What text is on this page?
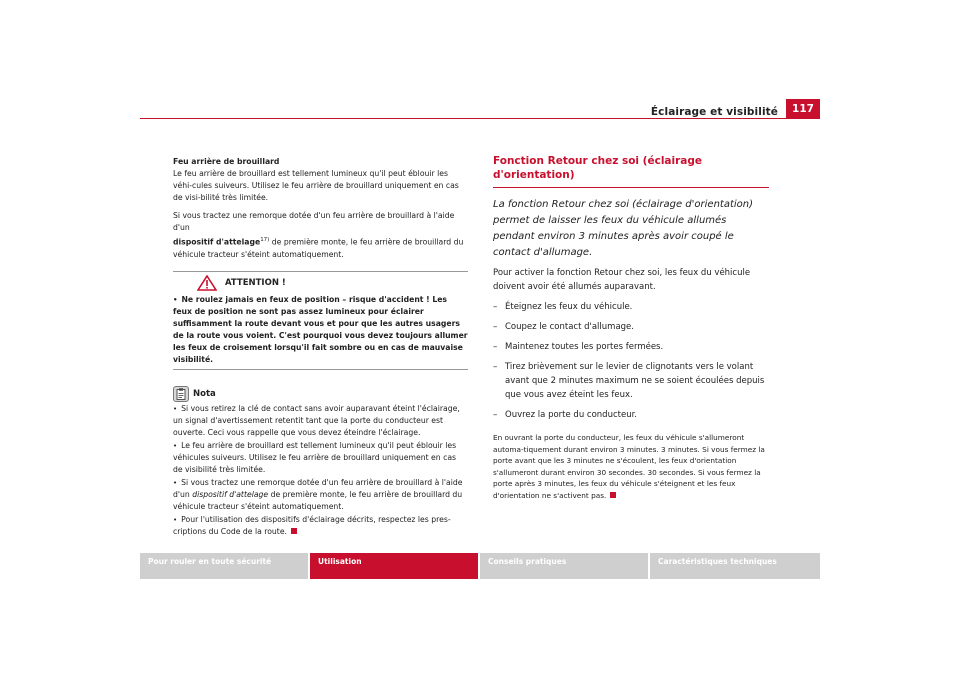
Éclairage et visibilité	117

Feu arrière de brouillard

Le feu arrière de brouillard est tellement lumineux qu'il peut éblouir les véhi-cules suiveurs. Utilisez le feu arrière de brouillard uniquement en cas de visi-bilité très limitée.

Si vous tractez une remorque dotée d'un feu arrière de brouillard à l'aide d'un
dispositif d'attelage$^{17)}$ de première monte, le feu arrière de brouillard du véhicule tracteur s'éteint automatiquement.

ATTENTION !

• Ne roulez jamais en feux de position – risque d'accident ! Les feux de position ne sont pas assez lumineux pour éclairer suffisamment la route devant vous et pour que les autres usagers de la route vous voient. C'est pourquoi vous devez toujours allumer les feux de croisement lorsqu'il fait sombre ou en cas de mauvaise visibilité.

Nota

• Si vous retirez la clé de contact sans avoir auparavant éteint l'éclairage, un signal d'avertissement retentit tant que la porte du conducteur est ouverte. Ceci vous rappelle que vous devez éteindre l'éclairage.

• Le feu arrière de brouillard est tellement lumineux qu'il peut éblouir les véhicules suiveurs. Utilisez le feu arrière de brouillard uniquement en cas de visibilité très limitée.

• Si vous tractez une remorque dotée d'un feu arrière de brouillard à l'aide d'un dispositif d'attelage de première monte, le feu arrière de brouillard du véhicule tracteur s'éteint automatiquement.

• Pour l'utilisation des dispositifs d'éclairage décrits, respectez les pres-criptions du Code de la route.

Fonction Retour chez soi (éclairage d'orientation)

La fonction Retour chez soi (éclairage d'orientation) permet de laisser les feux du véhicule allumés pendant environ 3 minutes après avoir coupé le contact d'allumage.

Pour activer la fonction Retour chez soi, les feux du véhicule doivent avoir été allumés auparavant.

– Éteignez les feux du véhicule.
– Coupez le contact d'allumage.
– Maintenez toutes les portes fermées.
– Tirez brièvement sur le levier de clignotants vers le volant avant que 2 minutes maximum ne se soient écoulées depuis que vous avez éteint les feux.
– Ouvrez la porte du conducteur.

En ouvrant la porte du conducteur, les feux du véhicule s'allumeront automa-tiquement durant environ 3 minutes. 3 minutes. Si vous fermez la porte avant que les 3 minutes ne s'écoulent, les feux d'orientation s'allumeront durant environ 30 secondes. 30 secondes. Si vous fermez la porte après 3 minutes, les feux du véhicule s'éteignent et les feux d'orientation ne s'activent pas.

Pour rouler en toute sécurité	Utilisation	Conseils pratiques	Caractéristiques techniques
